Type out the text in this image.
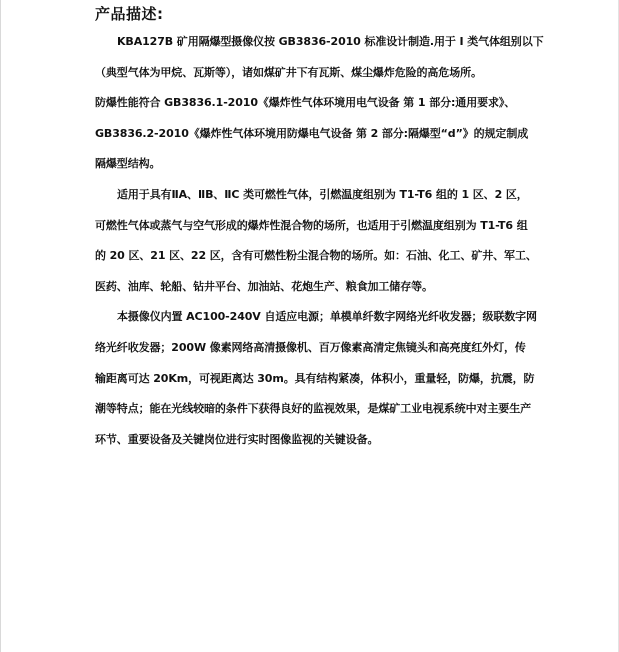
产品描述:
KBA127B 矿用隔爆型摄像仪按 GB3836-2010 标准设计制造.用于 I 类气体组别以下
（典型气体为甲烷、瓦斯等），诸如煤矿井下有瓦斯、煤尘爆炸危险的高危场所。
防爆性能符合 GB3836.1-2010《爆炸性气体环境用电气设备 第 1 部分:通用要求》、
GB3836.2-2010《爆炸性气体环境用防爆电气设备 第 2 部分:隔爆型“d”》的规定制成
隔爆型结构。
适用于具有ⅡA、ⅡB、ⅡC 类可燃性气体，引燃温度组别为 T1-T6 组的 1 区、2 区，
可燃性气体或蒸气与空气形成的爆炸性混合物的场所，也适用于引燃温度组别为 T1-T6 组
的 20 区、21 区、22 区，含有可燃性粉尘混合物的场所。如：石油、化工、矿井、军工、
医药、油库、轮船、钻井平台、加油站、花炮生产、粮食加工储存等。
本摄像仪内置 AC100-240V 自适应电源；单模单纤数字网络光纤收发器；级联数字网
络光纤收发器；200W 像素网络高清摄像机、百万像素高清定焦镜头和高亮度红外灯，传
输距离可达 20Km，可视距离达 30m。具有结构紧凑，体积小，重量轻，防爆，抗震，防
潮等特点；能在光线较暗的条件下获得良好的监视效果，是煤矿工业电视系统中对主要生产
环节、重要设备及关键岗位进行实时图像监视的关键设备。
